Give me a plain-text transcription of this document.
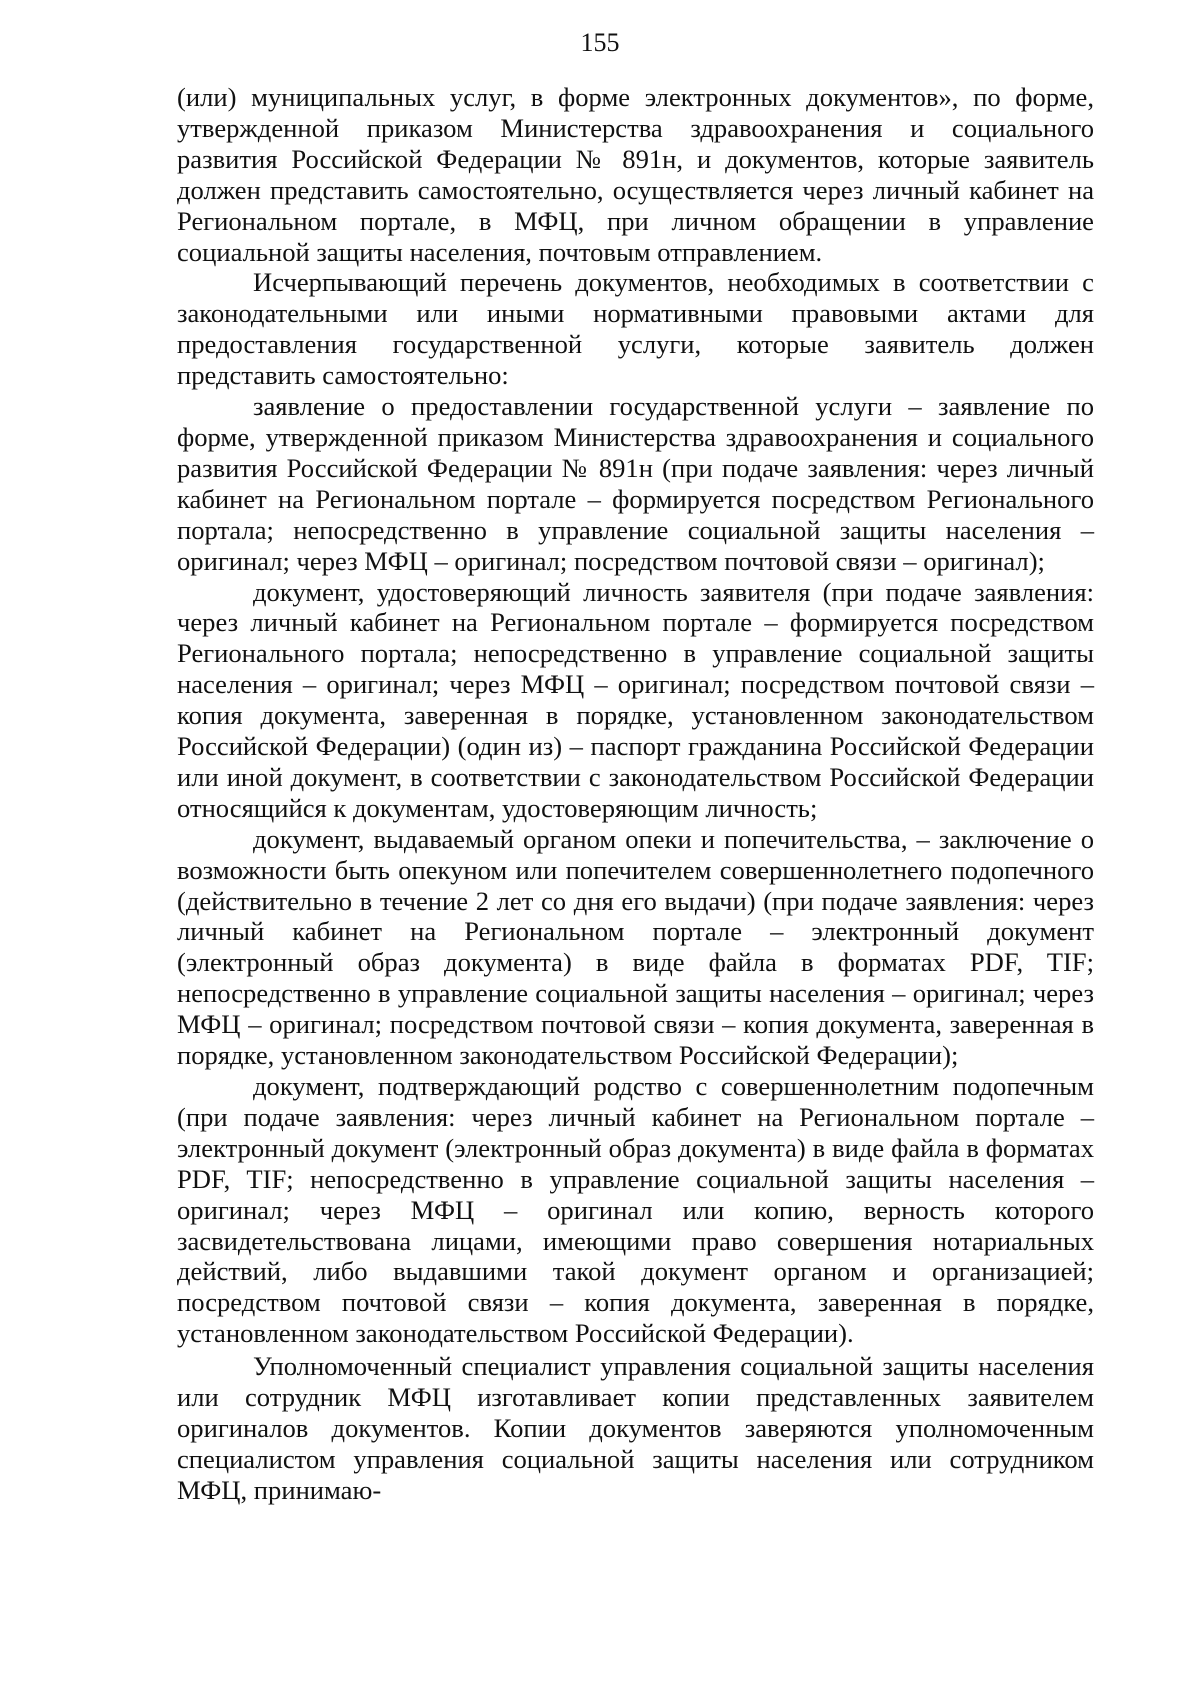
155

(или) муниципальных услуг, в форме электронных документов», по форме, утвержденной приказом Министерства здравоохранения и социального развития Российской Федерации № 891н, и документов, которые заявитель должен представить самостоятельно, осуществляется через личный кабинет на Региональном портале, в МФЦ, при личном обращении в управление социальной защиты населения, почтовым отправлением.

Исчерпывающий перечень документов, необходимых в соответствии с законодательными или иными нормативными правовыми актами для предоставления государственной услуги, которые заявитель должен представить самостоятельно:

заявление о предоставлении государственной услуги – заявление по форме, утвержденной приказом Министерства здравоохранения и социального развития Российской Федерации № 891н (при подаче заявления: через личный кабинет на Региональном портале – формируется посредством Регионального портала; непосредственно в управление социальной защиты населения – оригинал; через МФЦ – оригинал; посредством почтовой связи – оригинал);

документ, удостоверяющий личность заявителя (при подаче заявления: через личный кабинет на Региональном портале – формируется посредством Регионального портала; непосредственно в управление социальной защиты населения – оригинал; через МФЦ – оригинал; посредством почтовой связи – копия документа, заверенная в порядке, установленном законодательством Российской Федерации) (один из) – паспорт гражданина Российской Федерации или иной документ, в соответствии с законодательством Российской Федерации относящийся к документам, удостоверяющим личность;

документ, выдаваемый органом опеки и попечительства, – заключение о возможности быть опекуном или попечителем совершеннолетнего подопечного (действительно в течение 2 лет со дня его выдачи) (при подаче заявления: через личный кабинет на Региональном портале – электронный документ (электронный образ документа) в виде файла в форматах PDF, TIF; непосредственно в управление социальной защиты населения – оригинал; через МФЦ – оригинал; посредством почтовой связи – копия документа, заверенная в порядке, установленном законодательством Российской Федерации);

документ, подтверждающий родство с совершеннолетним подопечным (при подаче заявления: через личный кабинет на Региональном портале – электронный документ (электронный образ документа) в виде файла в форматах PDF, TIF; непосредственно в управление социальной защиты населения – оригинал; через МФЦ – оригинал или копию, верность которого засвидетельствована лицами, имеющими право совершения нотариальных действий, либо выдавшими такой документ органом и организацией; посредством почтовой связи – копия документа, заверенная в порядке, установленном законодательством Российской Федерации).

Уполномоченный специалист управления социальной защиты населения или сотрудник МФЦ изготавливает копии представленных заявителем оригиналов документов. Копии документов заверяются уполномоченным специалистом управления социальной защиты населения или сотрудником МФЦ, принимаю-
